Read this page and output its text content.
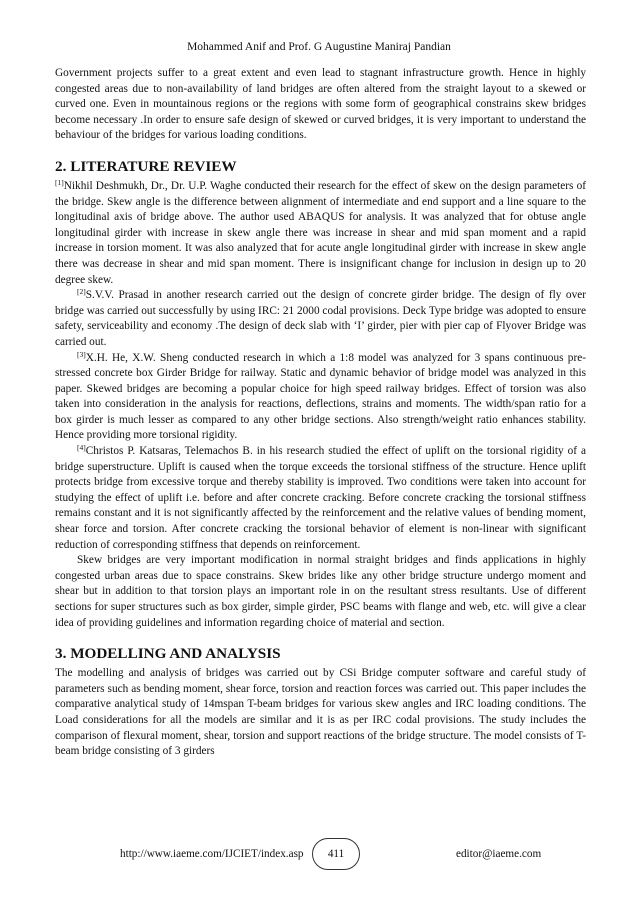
Mohammed Anif and Prof. G Augustine Maniraj Pandian

Government projects suffer to a great extent and even lead to stagnant infrastructure growth. Hence in highly congested areas due to non-availability of land bridges are often altered from the straight layout to a skewed or curved one. Even in mountainous regions or the regions with some form of geographical constrains skew bridges become necessary .In order to ensure safe design of skewed or curved bridges, it is very important to understand the behaviour of the bridges for various loading conditions.

2. LITERATURE REVIEW

[1]Nikhil Deshmukh, Dr., Dr. U.P. Waghe conducted their research for the effect of skew on the design parameters of the bridge. Skew angle is the difference between alignment of intermediate and end support and a line square to the longitudinal axis of bridge above. The author used ABAQUS for analysis. It was analyzed that for obtuse angle longitudinal girder with increase in skew angle there was increase in shear and mid span moment and a rapid increase in torsion moment. It was also analyzed that for acute angle longitudinal girder with increase in skew angle there was decrease in shear and mid span moment. There is insignificant change for inclusion in design up to 20 degree skew.

[2]S.V.V. Prasad in another research carried out the design of concrete girder bridge. The design of fly over bridge was carried out successfully by using IRC: 21 2000 codal provisions. Deck Type bridge was adopted to ensure safety, serviceability and economy .The design of deck slab with ‘I’ girder, pier with pier cap of Flyover Bridge was carried out.

[3]X.H. He, X.W. Sheng conducted research in which a 1:8 model was analyzed for 3 spans continuous pre-stressed concrete box Girder Bridge for railway. Static and dynamic behavior of bridge model was analyzed in this paper. Skewed bridges are becoming a popular choice for high speed railway bridges. Effect of torsion was also taken into consideration in the analysis for reactions, deflections, strains and moments. The width/span ratio for a box girder is much lesser as compared to any other bridge sections. Also strength/weight ratio enhances stability. Hence providing more torsional rigidity.

[4]Christos P. Katsaras, Telemachos B. in his research studied the effect of uplift on the torsional rigidity of a bridge superstructure. Uplift is caused when the torque exceeds the torsional stiffness of the structure. Hence uplift protects bridge from excessive torque and thereby stability is improved. Two conditions were taken into account for studying the effect of uplift i.e. before and after concrete cracking. Before concrete cracking the torsional stiffness remains constant and it is not significantly affected by the reinforcement and the relative values of bending moment, shear force and torsion. After concrete cracking the torsional behavior of element is non-linear with significant reduction of corresponding stiffness that depends on reinforcement.

Skew bridges are very important modification in normal straight bridges and finds applications in highly congested urban areas due to space constrains. Skew brides like any other bridge structure undergo moment and shear but in addition to that torsion plays an important role in on the resultant stress resultants. Use of different sections for super structures such as box girder, simple girder, PSC beams with flange and web, etc. will give a clear idea of providing guidelines and information regarding choice of material and section.

3. MODELLING AND ANALYSIS

The modelling and analysis of bridges was carried out by CSi Bridge computer software and careful study of parameters such as bending moment, shear force, torsion and reaction forces was carried out. This paper includes the comparative analytical study of 14mspan T-beam bridges for various skew angles and IRC loading conditions. The Load considerations for all the models are similar and it is as per IRC codal provisions. The study includes the comparison of flexural moment, shear, torsion and support reactions of the bridge structure. The model consists of T-beam bridge consisting of 3 girders

http://www.iaeme.com/IJCIET/index.asp	411	editor@iaeme.com
